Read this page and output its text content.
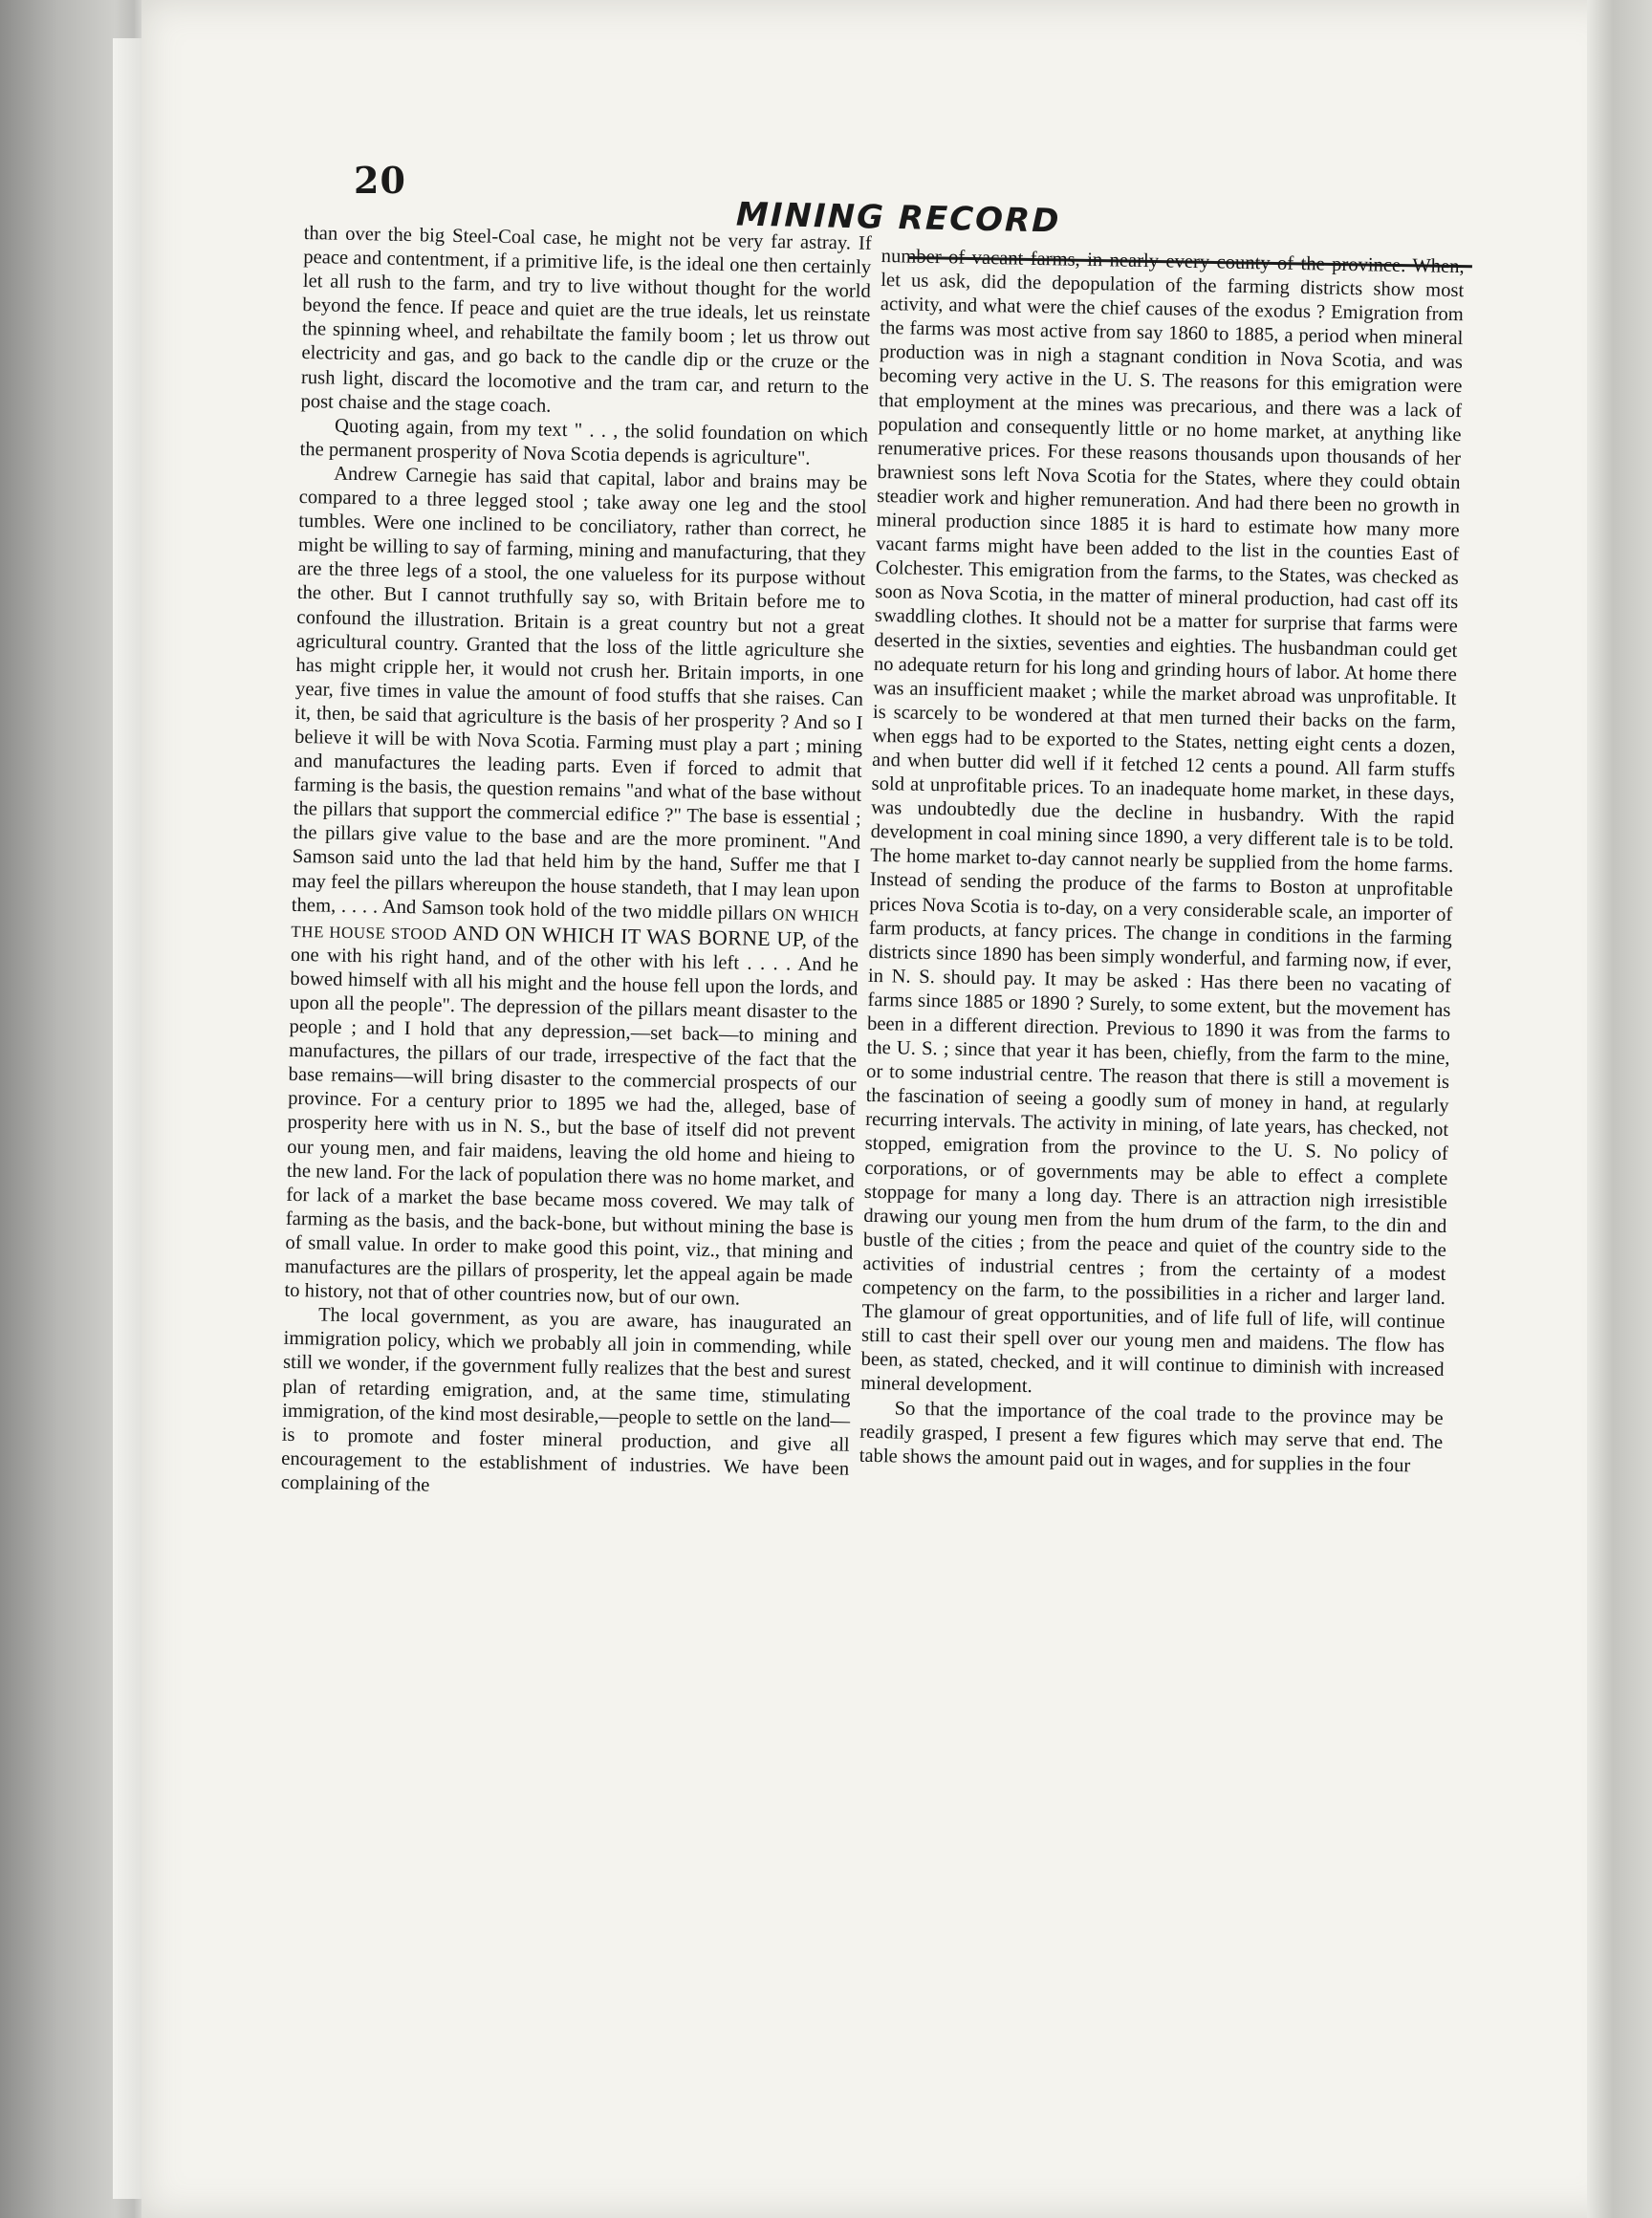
20
MINING RECORD

than over the big Steel-Coal case, he might not be very far astray. If peace and contentment, if a primitive life, is the ideal one then certainly let all rush to the farm, and try to live without thought for the world beyond the fence. If peace and quiet are the true ideals, let us reinstate the spinning wheel, and rehabiltate the family boom ; let us throw out electricity and gas, and go back to the candle dip or the cruze or the rush light, discard the locomotive and the tram car, and return to the post chaise and the stage coach.

Quoting again, from my text " . . , the solid foundation on which the permanent prosperity of Nova Scotia depends is agriculture".

Andrew Carnegie has said that capital, labor and brains may be compared to a three legged stool ; take away one leg and the stool tumbles. Were one inclined to be conciliatory, rather than correct, he might be willing to say of farming, mining and manufacturing, that they are the three legs of a stool, the one valueless for its purpose without the other. But I cannot truthfully say so, with Britain before me to confound the illustration. Britain is a great country but not a great agricultural country. Granted that the loss of the little agriculture she has might cripple her, it would not crush her. Britain imports, in one year, five times in value the amount of food stuffs that she raises. Can it, then, be said that agriculture is the basis of her prosperity ? And so I believe it will be with Nova Scotia. Farming must play a part ; mining and manufactures the leading parts. Even if forced to admit that farming is the basis, the question remains "and what of the base without the pillars that support the commercial edifice ?" The base is essential ; the pillars give value to the base and are the more prominent. "And Samson said unto the lad that held him by the hand, Suffer me that I may feel the pillars whereupon the house standeth, that I may lean upon them, . . . . And Samson took hold of the two middle pillars ON WHICH THE HOUSE STOOD AND ON WHICH IT WAS BORNE UP, of the one with his right hand, and of the other with his left . . . . And he bowed himself with all his might and the house fell upon the lords, and upon all the people". The depression of the pillars meant disaster to the people ; and I hold that any depression,—set back—to mining and manufactures, the pillars of our trade, irrespective of the fact that the base remains—will bring disaster to the commercial prospects of our province. For a century prior to 1895 we had the, alleged, base of prosperity here with us in N. S., but the base of itself did not prevent our young men, and fair maidens, leaving the old home and hieing to the new land. For the lack of population there was no home market, and for lack of a market the base became moss covered. We may talk of farming as the basis, and the back-bone, but without mining the base is of small value. In order to make good this point, viz., that mining and manufactures are the pillars of prosperity, let the appeal again be made to history, not that of other countries now, but of our own.

The local government, as you are aware, has inaugurated an immigration policy, which we probably all join in commending, while still we wonder, if the government fully realizes that the best and surest plan of retarding emigration, and, at the same time, stimulating immigration, of the kind most desirable,—people to settle on the land—is to promote and foster mineral production, and give all encouragement to the establishment of industries. We have been complaining of the

number of vacant farms, in nearly every county of the province. When, let us ask, did the depopulation of the farming districts show most activity, and what were the chief causes of the exodus ? Emigration from the farms was most active from say 1860 to 1885, a period when mineral production was in nigh a stagnant condition in Nova Scotia, and was becoming very active in the U. S. The reasons for this emigration were that employment at the mines was precarious, and there was a lack of population and consequently little or no home market, at anything like renumerative prices. For these reasons thousands upon thousands of her brawniest sons left Nova Scotia for the States, where they could obtain steadier work and higher remuneration. And had there been no growth in mineral production since 1885 it is hard to estimate how many more vacant farms might have been added to the list in the counties East of Colchester. This emigration from the farms, to the States, was checked as soon as Nova Scotia, in the matter of mineral production, had cast off its swaddling clothes. It should not be a matter for surprise that farms were deserted in the sixties, seventies and eighties. The husbandman could get no adequate return for his long and grinding hours of labor. At home there was an insufficient maaket ; while the market abroad was unprofitable. It is scarcely to be wondered at that men turned their backs on the farm, when eggs had to be exported to the States, netting eight cents a dozen, and when butter did well if it fetched 12 cents a pound. All farm stuffs sold at unprofitable prices. To an inadequate home market, in these days, was undoubtedly due the decline in husbandry. With the rapid development in coal mining since 1890, a very different tale is to be told. The home market to-day cannot nearly be supplied from the home farms. Instead of sending the produce of the farms to Boston at unprofitable prices Nova Scotia is to-day, on a very considerable scale, an importer of farm products, at fancy prices. The change in conditions in the farming districts since 1890 has been simply wonderful, and farming now, if ever, in N. S. should pay. It may be asked : Has there been no vacating of farms since 1885 or 1890 ? Surely, to some extent, but the movement has been in a different direction. Previous to 1890 it was from the farms to the U. S. ; since that year it has been, chiefly, from the farm to the mine, or to some industrial centre. The reason that there is still a movement is the fascination of seeing a goodly sum of money in hand, at regularly recurring intervals. The activity in mining, of late years, has checked, not stopped, emigration from the province to the U. S. No policy of corporations, or of governments may be able to effect a complete stoppage for many a long day. There is an attraction nigh irresistible drawing our young men from the hum drum of the farm, to the din and bustle of the cities ; from the peace and quiet of the country side to the activities of industrial centres ; from the certainty of a modest competency on the farm, to the possibilities in a richer and larger land. The glamour of great opportunities, and of life full of life, will continue still to cast their spell over our young men and maidens. The flow has been, as stated, checked, and it will continue to diminish with increased mineral development.

So that the importance of the coal trade to the province may be readily grasped, I present a few figures which may serve that end. The table shows the amount paid out in wages, and for supplies in the four
